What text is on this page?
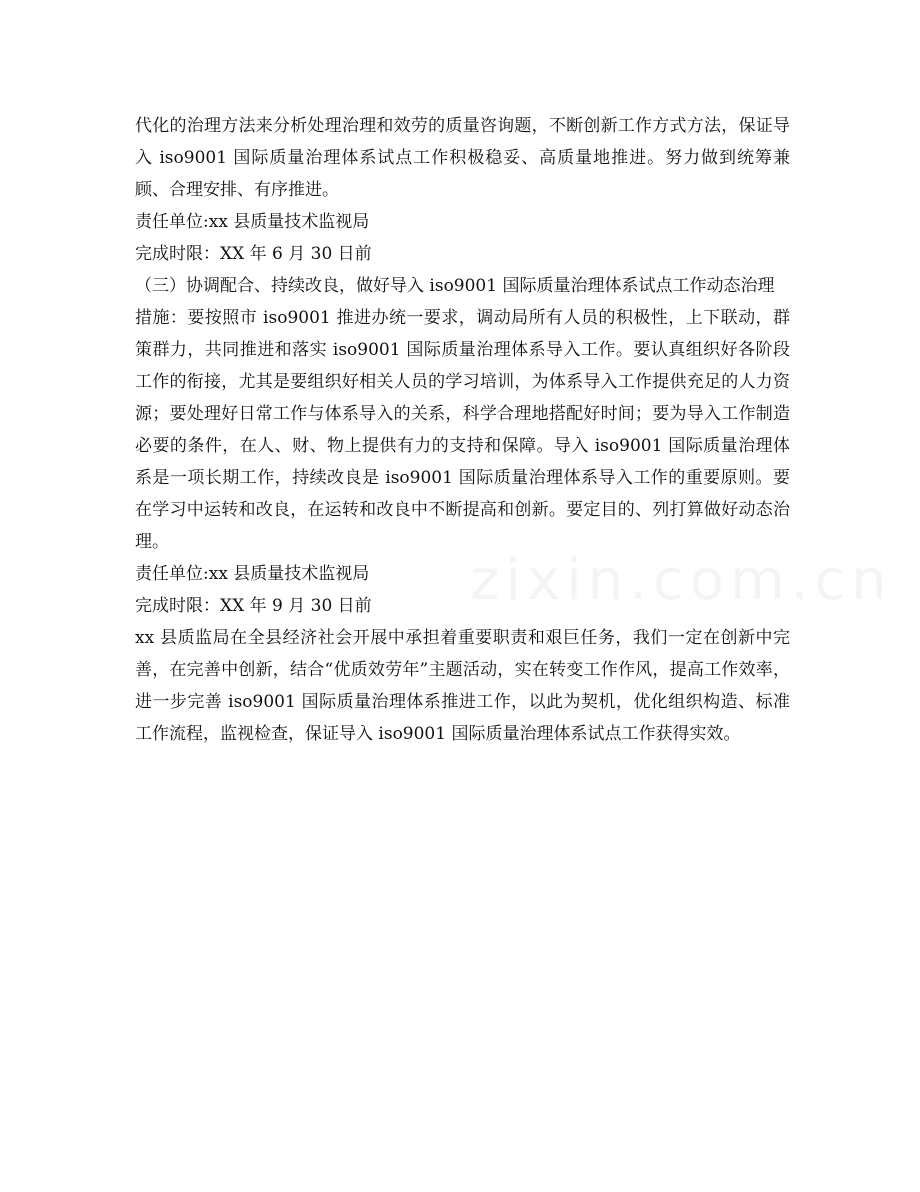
代化的治理方法来分析处理治理和效劳的质量咨询题，不断创新工作方式方法，保证导入 iso9001 国际质量治理体系试点工作积极稳妥、高质量地推进。努力做到统筹兼顾、合理安排、有序推进。

责任单位:xx 县质量技术监视局

完成时限：XX 年 6 月 30 日前

（三）协调配合、持续改良，做好导入 iso9001 国际质量治理体系试点工作动态治理

措施：要按照市 iso9001 推进办统一要求，调动局所有人员的积极性，上下联动，群策群力，共同推进和落实 iso9001 国际质量治理体系导入工作。要认真组织好各阶段工作的衔接，尤其是要组织好相关人员的学习培训，为体系导入工作提供充足的人力资源；要处理好日常工作与体系导入的关系，科学合理地搭配好时间；要为导入工作制造必要的条件，在人、财、物上提供有力的支持和保障。导入 iso9001 国际质量治理体系是一项长期工作，持续改良是 iso9001 国际质量治理体系导入工作的重要原则。要在学习中运转和改良，在运转和改良中不断提高和创新。要定目的、列打算做好动态治理。

责任单位:xx 县质量技术监视局

完成时限：XX 年 9 月 30 日前

xx 县质监局在全县经济社会开展中承担着重要职责和艰巨任务，我们一定在创新中完善，在完善中创新，结合“优质效劳年”主题活动，实在转变工作作风，提高工作效率，进一步完善 iso9001 国际质量治理体系推进工作，以此为契机，优化组织构造、标准工作流程，监视检查，保证导入 iso9001 国际质量治理体系试点工作获得实效。
